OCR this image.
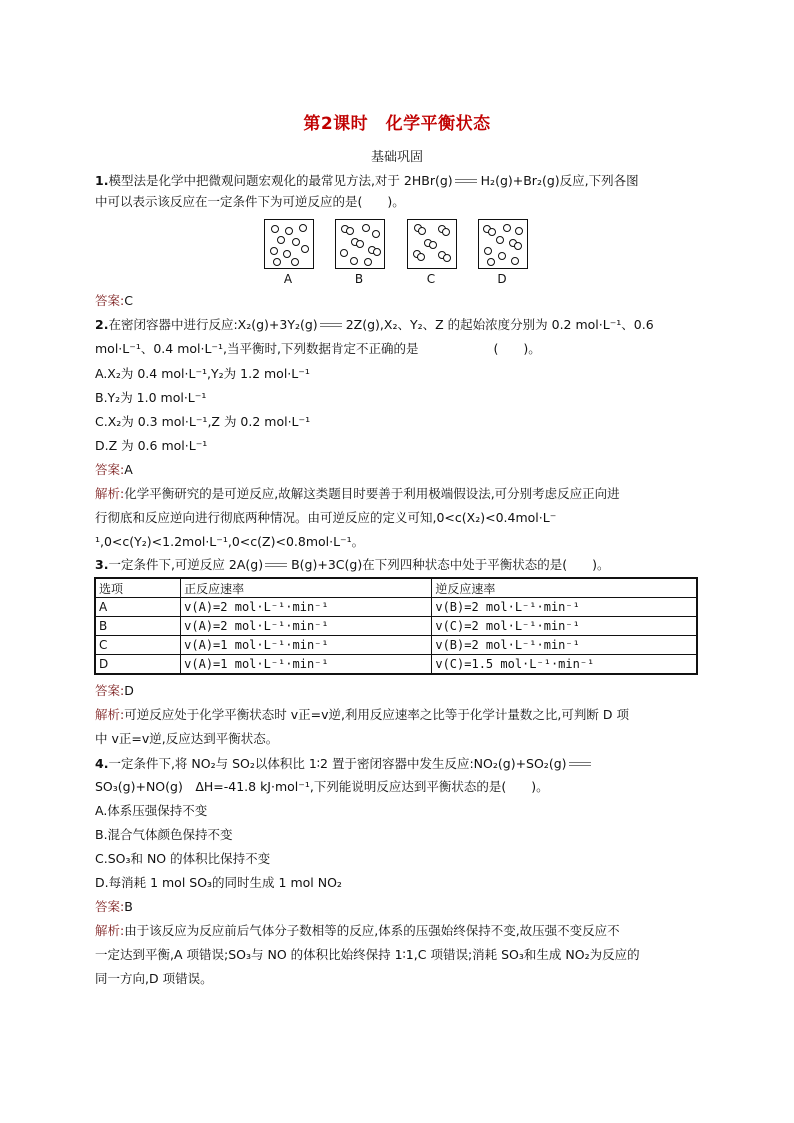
第2课时　化学平衡状态
基础巩固
1.模型法是化学中把微观问题宏观化的最常见方法,对于 2HBr(g) H₂(g)+Br₂(g)反应,下列各图
中可以表示该反应在一定条件下为可逆反应的是(　　)。
A	B	C	D
答案:C
2.在密闭容器中进行反应:X₂(g)+3Y₂(g) 2Z(g),X₂、Y₂、Z 的起始浓度分别为 0.2 mol·L⁻¹、0.6
mol·L⁻¹、0.4 mol·L⁻¹,当平衡时,下列数据肯定不正确的是　　　　　　(　　)。
A.X₂为 0.4 mol·L⁻¹,Y₂为 1.2 mol·L⁻¹
B.Y₂为 1.0 mol·L⁻¹
C.X₂为 0.3 mol·L⁻¹,Z 为 0.2 mol·L⁻¹
D.Z 为 0.6 mol·L⁻¹
答案:A
解析:化学平衡研究的是可逆反应,故解这类题目时要善于利用极端假设法,可分别考虑反应正向进
行彻底和反应逆向进行彻底两种情况。由可逆反应的定义可知,0<c(X₂)<0.4mol·L⁻
¹,0<c(Y₂)<1.2mol·L⁻¹,0<c(Z)<0.8mol·L⁻¹。
3.一定条件下,可逆反应 2A(g) B(g)+3C(g)在下列四种状态中处于平衡状态的是(　　)。
选项	正反应速率	逆反应速率
A	v(A)=2 mol·L⁻¹·min⁻¹	v(B)=2 mol·L⁻¹·min⁻¹
B	v(A)=2 mol·L⁻¹·min⁻¹	v(C)=2 mol·L⁻¹·min⁻¹
C	v(A)=1 mol·L⁻¹·min⁻¹	v(B)=2 mol·L⁻¹·min⁻¹
D	v(A)=1 mol·L⁻¹·min⁻¹	v(C)=1.5 mol·L⁻¹·min⁻¹
答案:D
解析:可逆反应处于化学平衡状态时 v正=v逆,利用反应速率之比等于化学计量数之比,可判断 D 项
中 v正=v逆,反应达到平衡状态。
4.一定条件下,将 NO₂与 SO₂以体积比 1∶2 置于密闭容器中发生反应:NO₂(g)+SO₂(g)
SO₃(g)+NO(g)　ΔH=-41.8 kJ·mol⁻¹,下列能说明反应达到平衡状态的是(　　)。
A.体系压强保持不变
B.混合气体颜色保持不变
C.SO₃和 NO 的体积比保持不变
D.每消耗 1 mol SO₃的同时生成 1 mol NO₂
答案:B
解析:由于该反应为反应前后气体分子数相等的反应,体系的压强始终保持不变,故压强不变反应不
一定达到平衡,A 项错误;SO₃与 NO 的体积比始终保持 1∶1,C 项错误;消耗 SO₃和生成 NO₂为反应的
同一方向,D 项错误。
